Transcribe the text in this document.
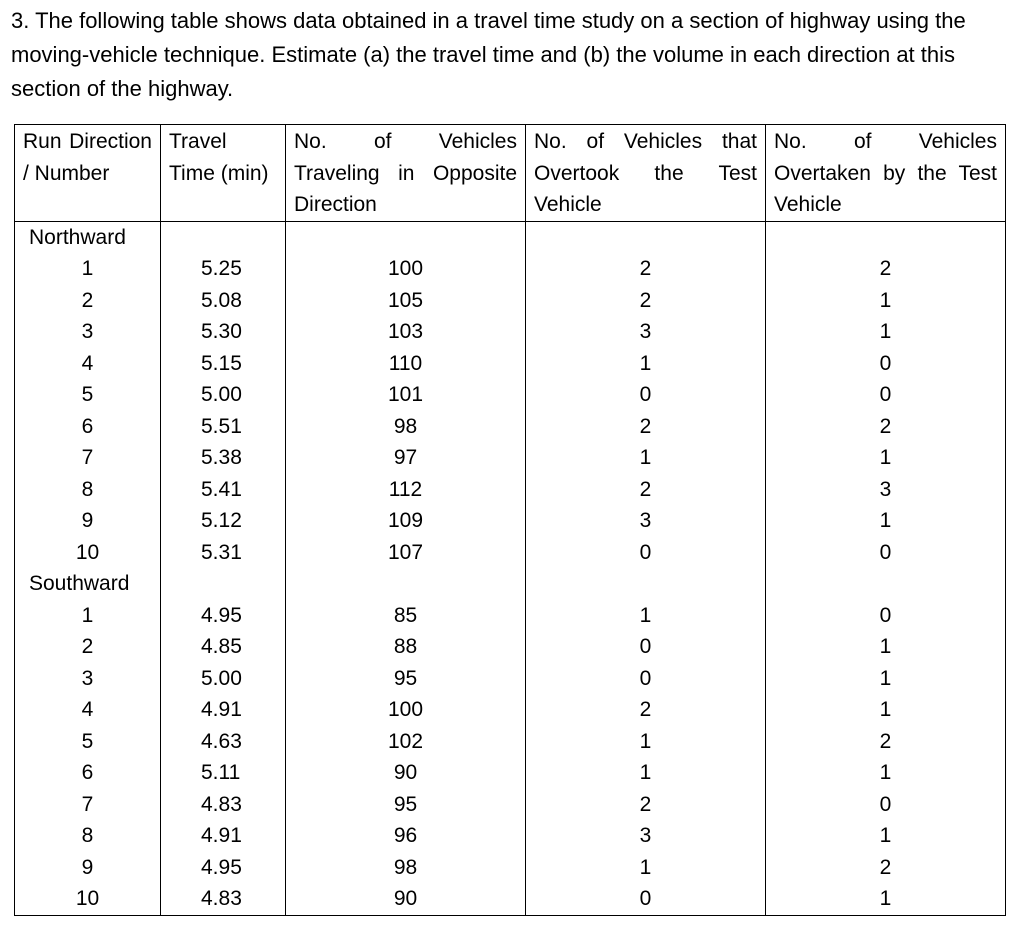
3. The following table shows data obtained in a travel time study on a section of highway using the moving-vehicle technique. Estimate (a) the travel time and (b) the volume in each direction at this section of the highway.

Run Direction / Number	Travel Time (min)	No. of Vehicles Traveling in Opposite Direction	No. of Vehicles that Overtook the Test Vehicle	No. of Vehicles Overtaken by the Test Vehicle
Northward				
1	5.25	100	2	2
2	5.08	105	2	1
3	5.30	103	3	1
4	5.15	110	1	0
5	5.00	101	0	0
6	5.51	98	2	2
7	5.38	97	1	1
8	5.41	112	2	3
9	5.12	109	3	1
10	5.31	107	0	0
Southward				
1	4.95	85	1	0
2	4.85	88	0	1
3	5.00	95	0	1
4	4.91	100	2	1
5	4.63	102	1	2
6	5.11	90	1	1
7	4.83	95	2	0
8	4.91	96	3	1
9	4.95	98	1	2
10	4.83	90	0	1
